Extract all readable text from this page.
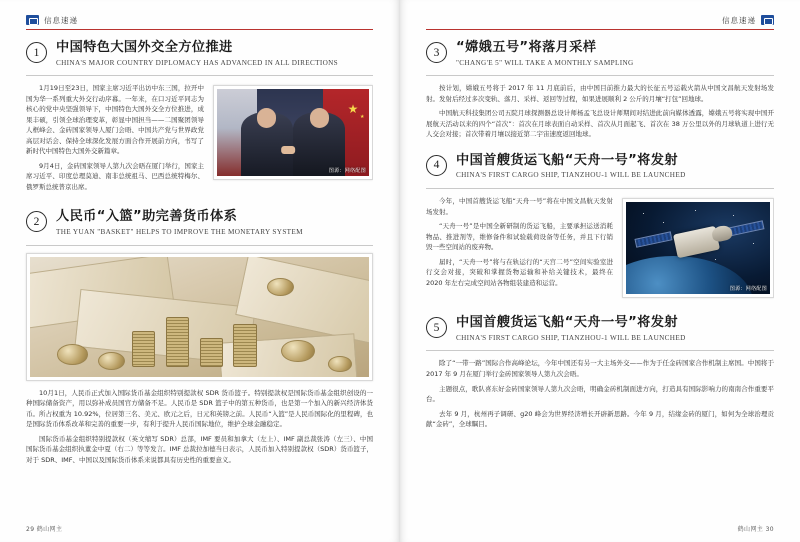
信息速递
1	中国特色大国外交全方位推进
CHINA'S MAJOR COUNTRY DIPLOMACY HAS ADVANCED IN ALL DIRECTIONS
★
★
图源：网络配图

1月19日至23日，国家主席习近平出访中东三国，拉开中国为华一系列重大外交行动序幕。一年来，在口习近平同志为核心的党中央坚强领导下，中国特色大国外交全方位推进，成果丰硕，引领全球治理变革，彰显中国担当——二国聚团领导人框峰会、金砖国家领导人厦门会晤、中国共产党与世界政党高层对话会、保持全球深化发展方面合作开展前方向，书写了新时代中国特色大国外交新篇章。

9月4日，金砖国家领导人第九次会晤在厦门举行，国家主席习近平、印度总理莫迪、南非总统祖马、巴西总统特梅尔、俄罗斯总统普京出席。

2	人民币“入篮”助完善货币体系
THE YUAN "BASKET" HELPS TO IMPROVE THE MONETARY SYSTEM

10月1日，人民币正式加入国际货币基金组织特别提款权 SDR 货币篮子。特别提款权是国际货币基金组织创设的一种国际储备资产，用以弥补成员国官方储备不足。人民币是 SDR 篮子中的第五种货币，也是第一个加入的新兴经济体货币。所占权重为 10.92%，位居第三名、美元、欧元之后，日元和英镑之前。人民币“入篮”是人民币国际化的里程碑，也是国际货币体系改革和完善的重要一步，有利于提升人民币国际地位，维护全球金融稳定。

国际货币基金组织特别提款权（英文缩写 SDR）总部，IMF 要员和加拿大（左上）、IMF 副总裁张涛（左三）、中国国际货币基金组织执董金中夏（右二）等等发言。IMF 总裁拉加德当日表示，人民币加入特别提款权（SDR）货币篮子，对于 SDR、IMF、中国以及国际货币体系来说都具有历史性的重要意义。

29 鹤山网主
信息速递
3	“嫦娥五号”将落月采样
"CHANG'E 5" WILL TAKE A MONTHLY SAMPLING

按计划，嫦娥五号将于 2017 年 11 月底前后，由中国目前推力最大的长征五号运载火箭从中国文昌航天发射场发射。发射后经过多次变轨、落月、采样、返回等过程，如果进展顺利 2 公斤的月壤“打包”回地球。

中国航天科技集团公司五院月球探测器总设计师杨孟飞总设计师期间对结进此前向媒体透露，嫦娥五号将实现中国开展航天活动以来的四个“首次”：首次在月球表面自动采样、首次从月面起飞、首次在 38 万公里以外的月球轨道上进行无人交会对接；首次带着月壤以接近第二宇宙速度返回地球。

4	中国首艘货运飞船“天舟一号”将发射
CHINA'S FIRST CARGO SHIP, TIANZHOU-1 WILL BE LAUNCHED
图源：网络配图

今年，中国首艘货运飞船“天舟一号”将在中国文昌航天发射场发射。

“天舟一号”是中国全新研制的货运飞船，主要承担运送消耗物品、推进剂等，维修备件和试验载荷设备等任务，并且下行销毁一些空间站的废弃物。

届时，“天舟一号”将与在轨运行的“天宫二号”空间实验室进行交会对接，突破和掌握货物运输和补给关键技术，最终在 2020 年左右完成空间站各物组装建造和运营。

5	中国首艘货运飞船“天舟一号”将发射
CHINA'S FIRST CARGO SHIP, TIANZHOU-1 WILL BE LAUNCHED

除了“一带一路”国际合作高峰论坛，今年中国还有另一大主场外交——作为于任金砖国家合作机制主席国。中国将于 2017 年 9 月在厦门举行金砖国家领导人第九次会晤。

主题很点，歌队喜东好金砖国家领导人第九次会晤，明确金砖机制面进方向，打造具有国际影响力的南南合作重要平台。

去年 9 月，杭州再子调研、g20 峰会为世界经济增长开辟新思路。今年 9 月，结缘金砖的厦门，如何为全球治理贡献“金砖”，全球瞩目。

鹤山网主 30
